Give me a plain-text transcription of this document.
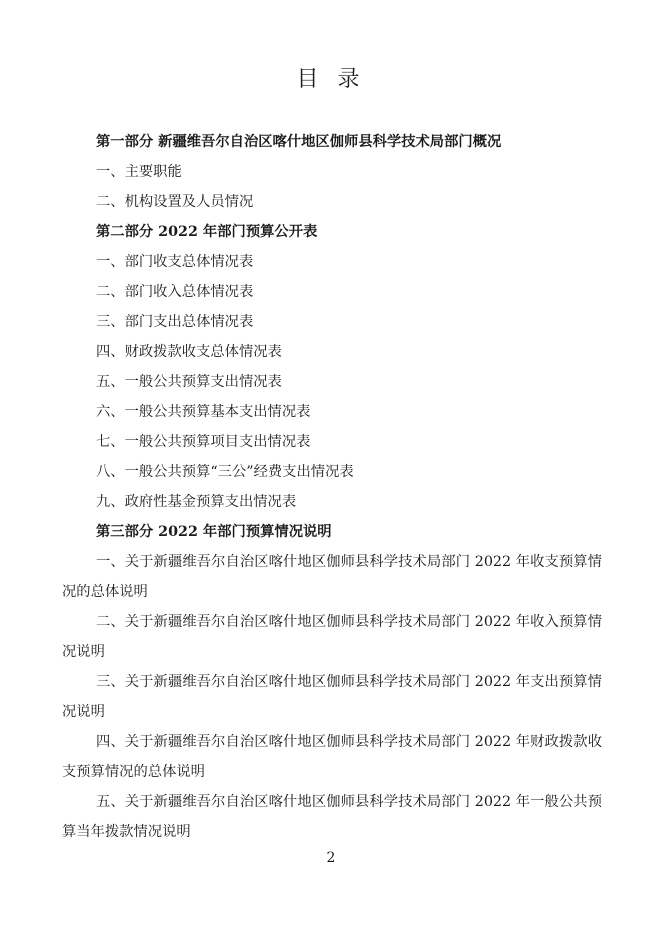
目 录

第一部分 新疆维吾尔自治区喀什地区伽师县科学技术局部门概况

一、主要职能

二、机构设置及人员情况

第二部分 2022 年部门预算公开表

一、部门收支总体情况表

二、部门收入总体情况表

三、部门支出总体情况表

四、财政拨款收支总体情况表

五、一般公共预算支出情况表

六、一般公共预算基本支出情况表

七、一般公共预算项目支出情况表

八、一般公共预算“三公”经费支出情况表

九、政府性基金预算支出情况表

第三部分 2022 年部门预算情况说明

一、关于新疆维吾尔自治区喀什地区伽师县科学技术局部门 2022 年收支预算情况的总体说明

二、关于新疆维吾尔自治区喀什地区伽师县科学技术局部门 2022 年收入预算情况说明

三、关于新疆维吾尔自治区喀什地区伽师县科学技术局部门 2022 年支出预算情况说明

四、关于新疆维吾尔自治区喀什地区伽师县科学技术局部门 2022 年财政拨款收支预算情况的总体说明

五、关于新疆维吾尔自治区喀什地区伽师县科学技术局部门 2022 年一般公共预算当年拨款情况说明

2
